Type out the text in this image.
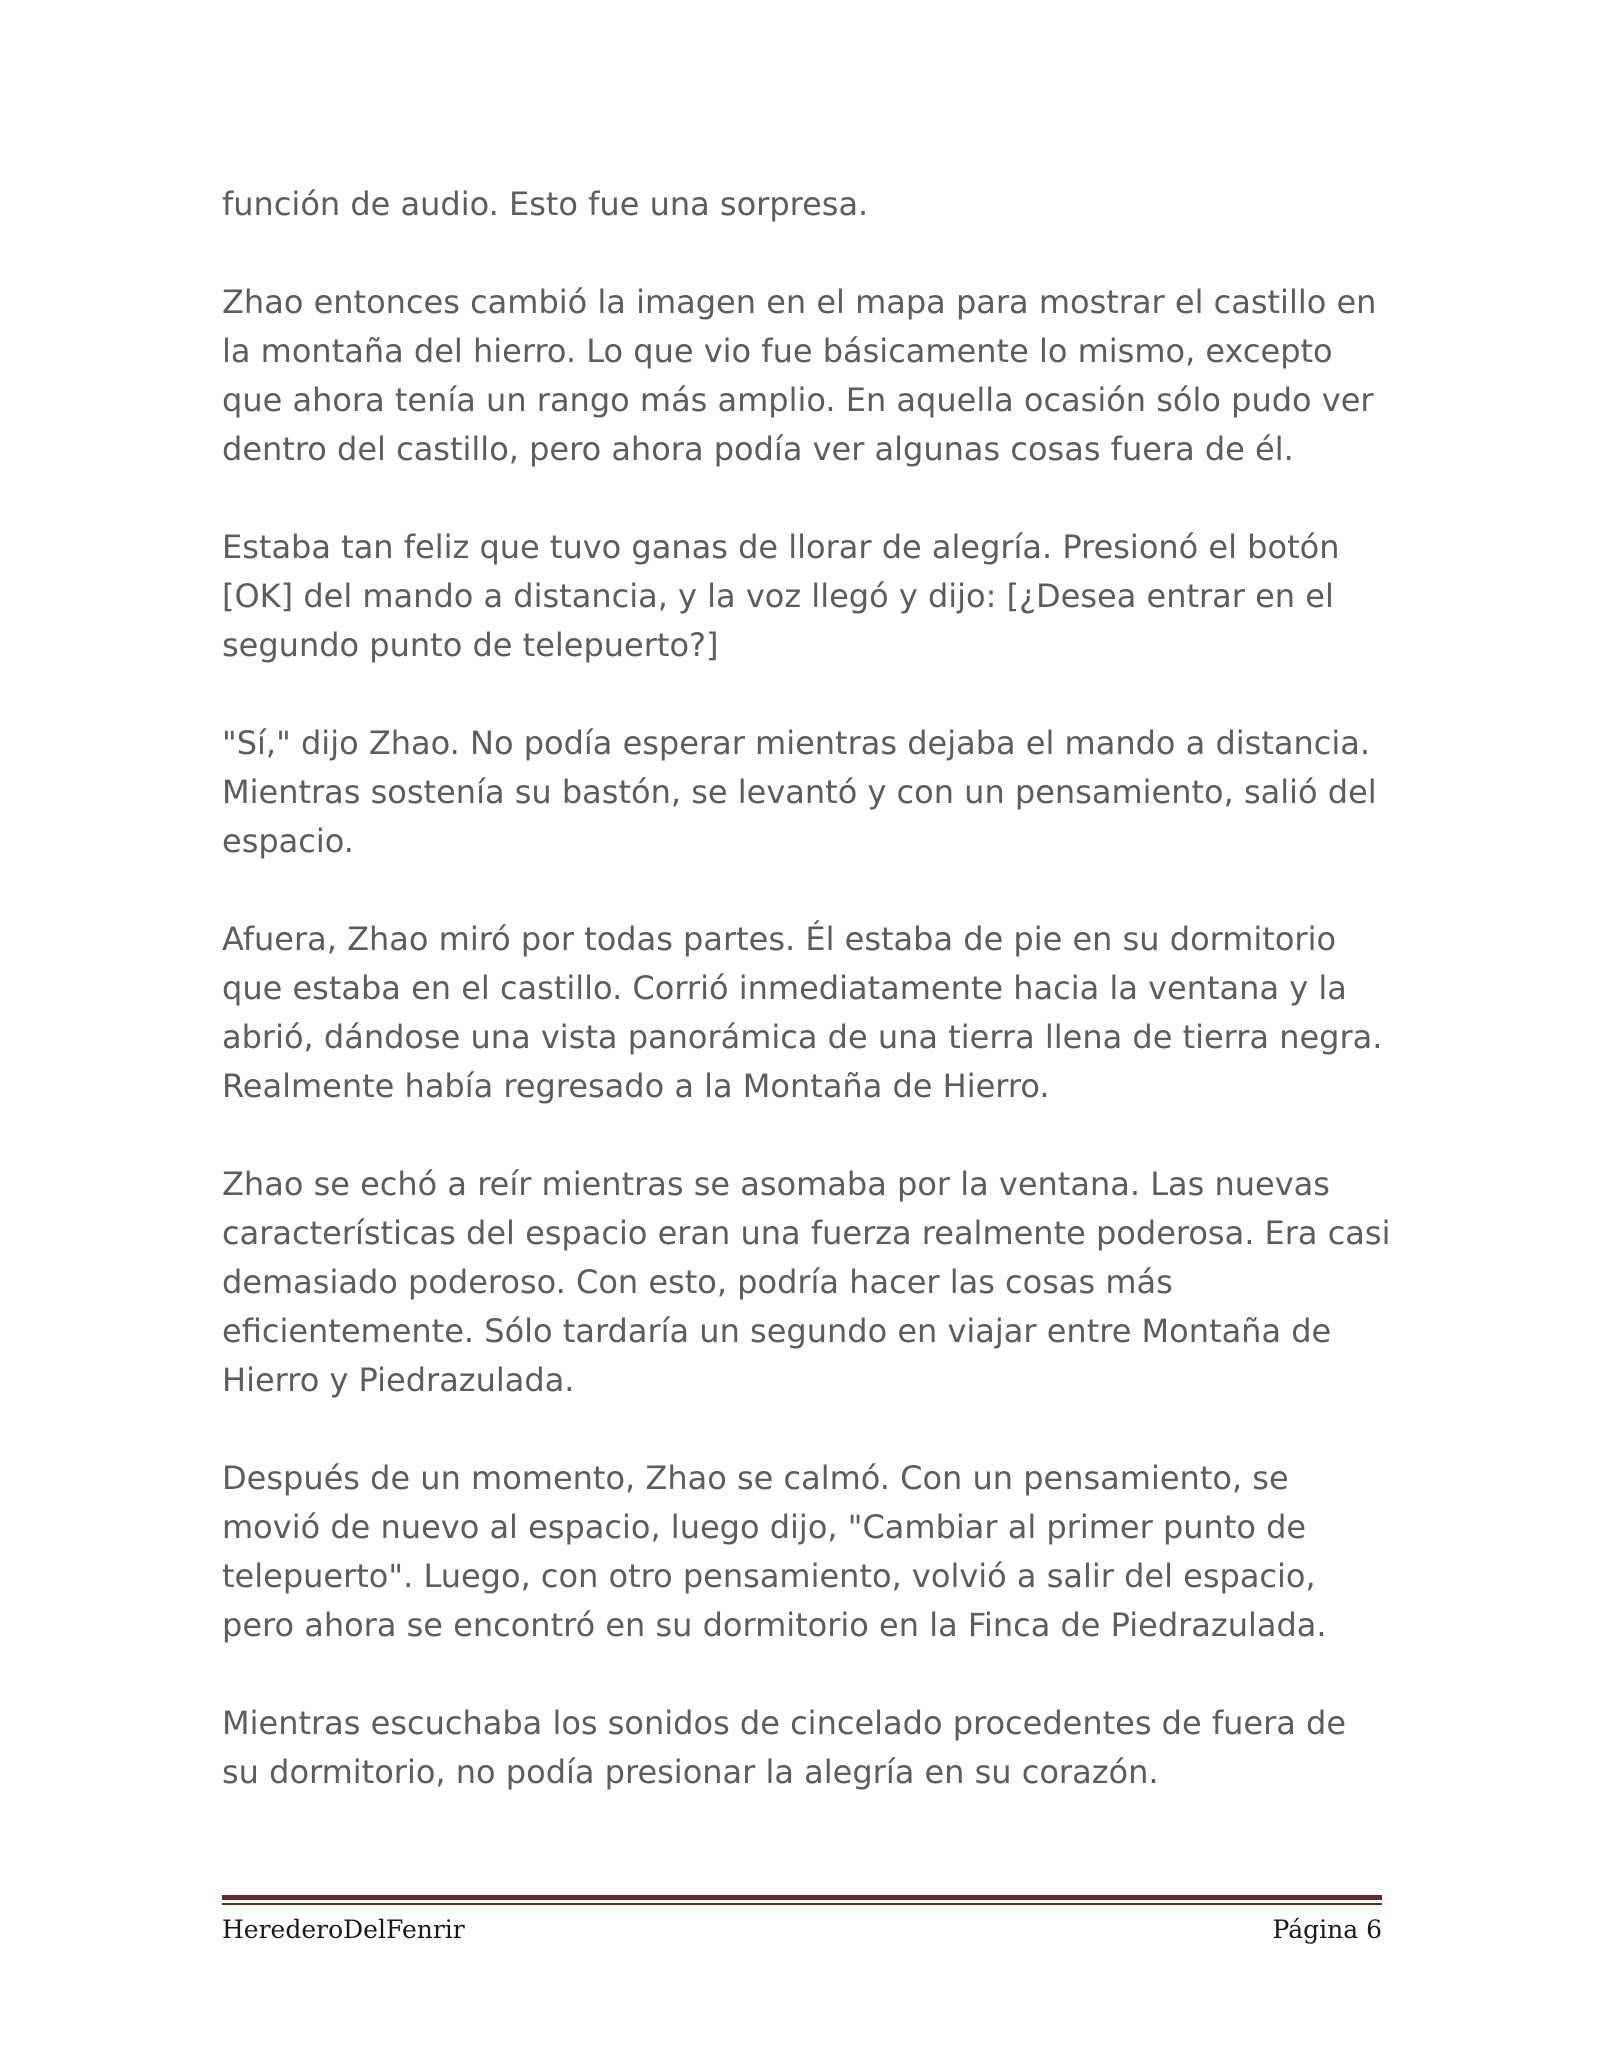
función de audio. Esto fue una sorpresa.

Zhao entonces cambió la imagen en el mapa para mostrar el castillo en la montaña del hierro. Lo que vio fue básicamente lo mismo, excepto que ahora tenía un rango más amplio. En aquella ocasión sólo pudo ver dentro del castillo, pero ahora podía ver algunas cosas fuera de él.

Estaba tan feliz que tuvo ganas de llorar de alegría. Presionó el botón [OK] del mando a distancia, y la voz llegó y dijo: [¿Desea entrar en el segundo punto de telepuerto?]

"Sí," dijo Zhao. No podía esperar mientras dejaba el mando a distancia. Mientras sostenía su bastón, se levantó y con un pensamiento, salió del espacio.

Afuera, Zhao miró por todas partes. Él estaba de pie en su dormitorio que estaba en el castillo. Corrió inmediatamente hacia la ventana y la abrió, dándose una vista panorámica de una tierra llena de tierra negra. Realmente había regresado a la Montaña de Hierro.

Zhao se echó a reír mientras se asomaba por la ventana. Las nuevas características del espacio eran una fuerza realmente poderosa. Era casi demasiado poderoso. Con esto, podría hacer las cosas más eficientemente. Sólo tardaría un segundo en viajar entre Montaña de Hierro y Piedrazulada.

Después de un momento, Zhao se calmó. Con un pensamiento, se movió de nuevo al espacio, luego dijo, "Cambiar al primer punto de telepuerto". Luego, con otro pensamiento, volvió a salir del espacio, pero ahora se encontró en su dormitorio en la Finca de Piedrazulada.

Mientras escuchaba los sonidos de cincelado procedentes de fuera de su dormitorio, no podía presionar la alegría en su corazón.

HerederoDelFenrir	Página 6
